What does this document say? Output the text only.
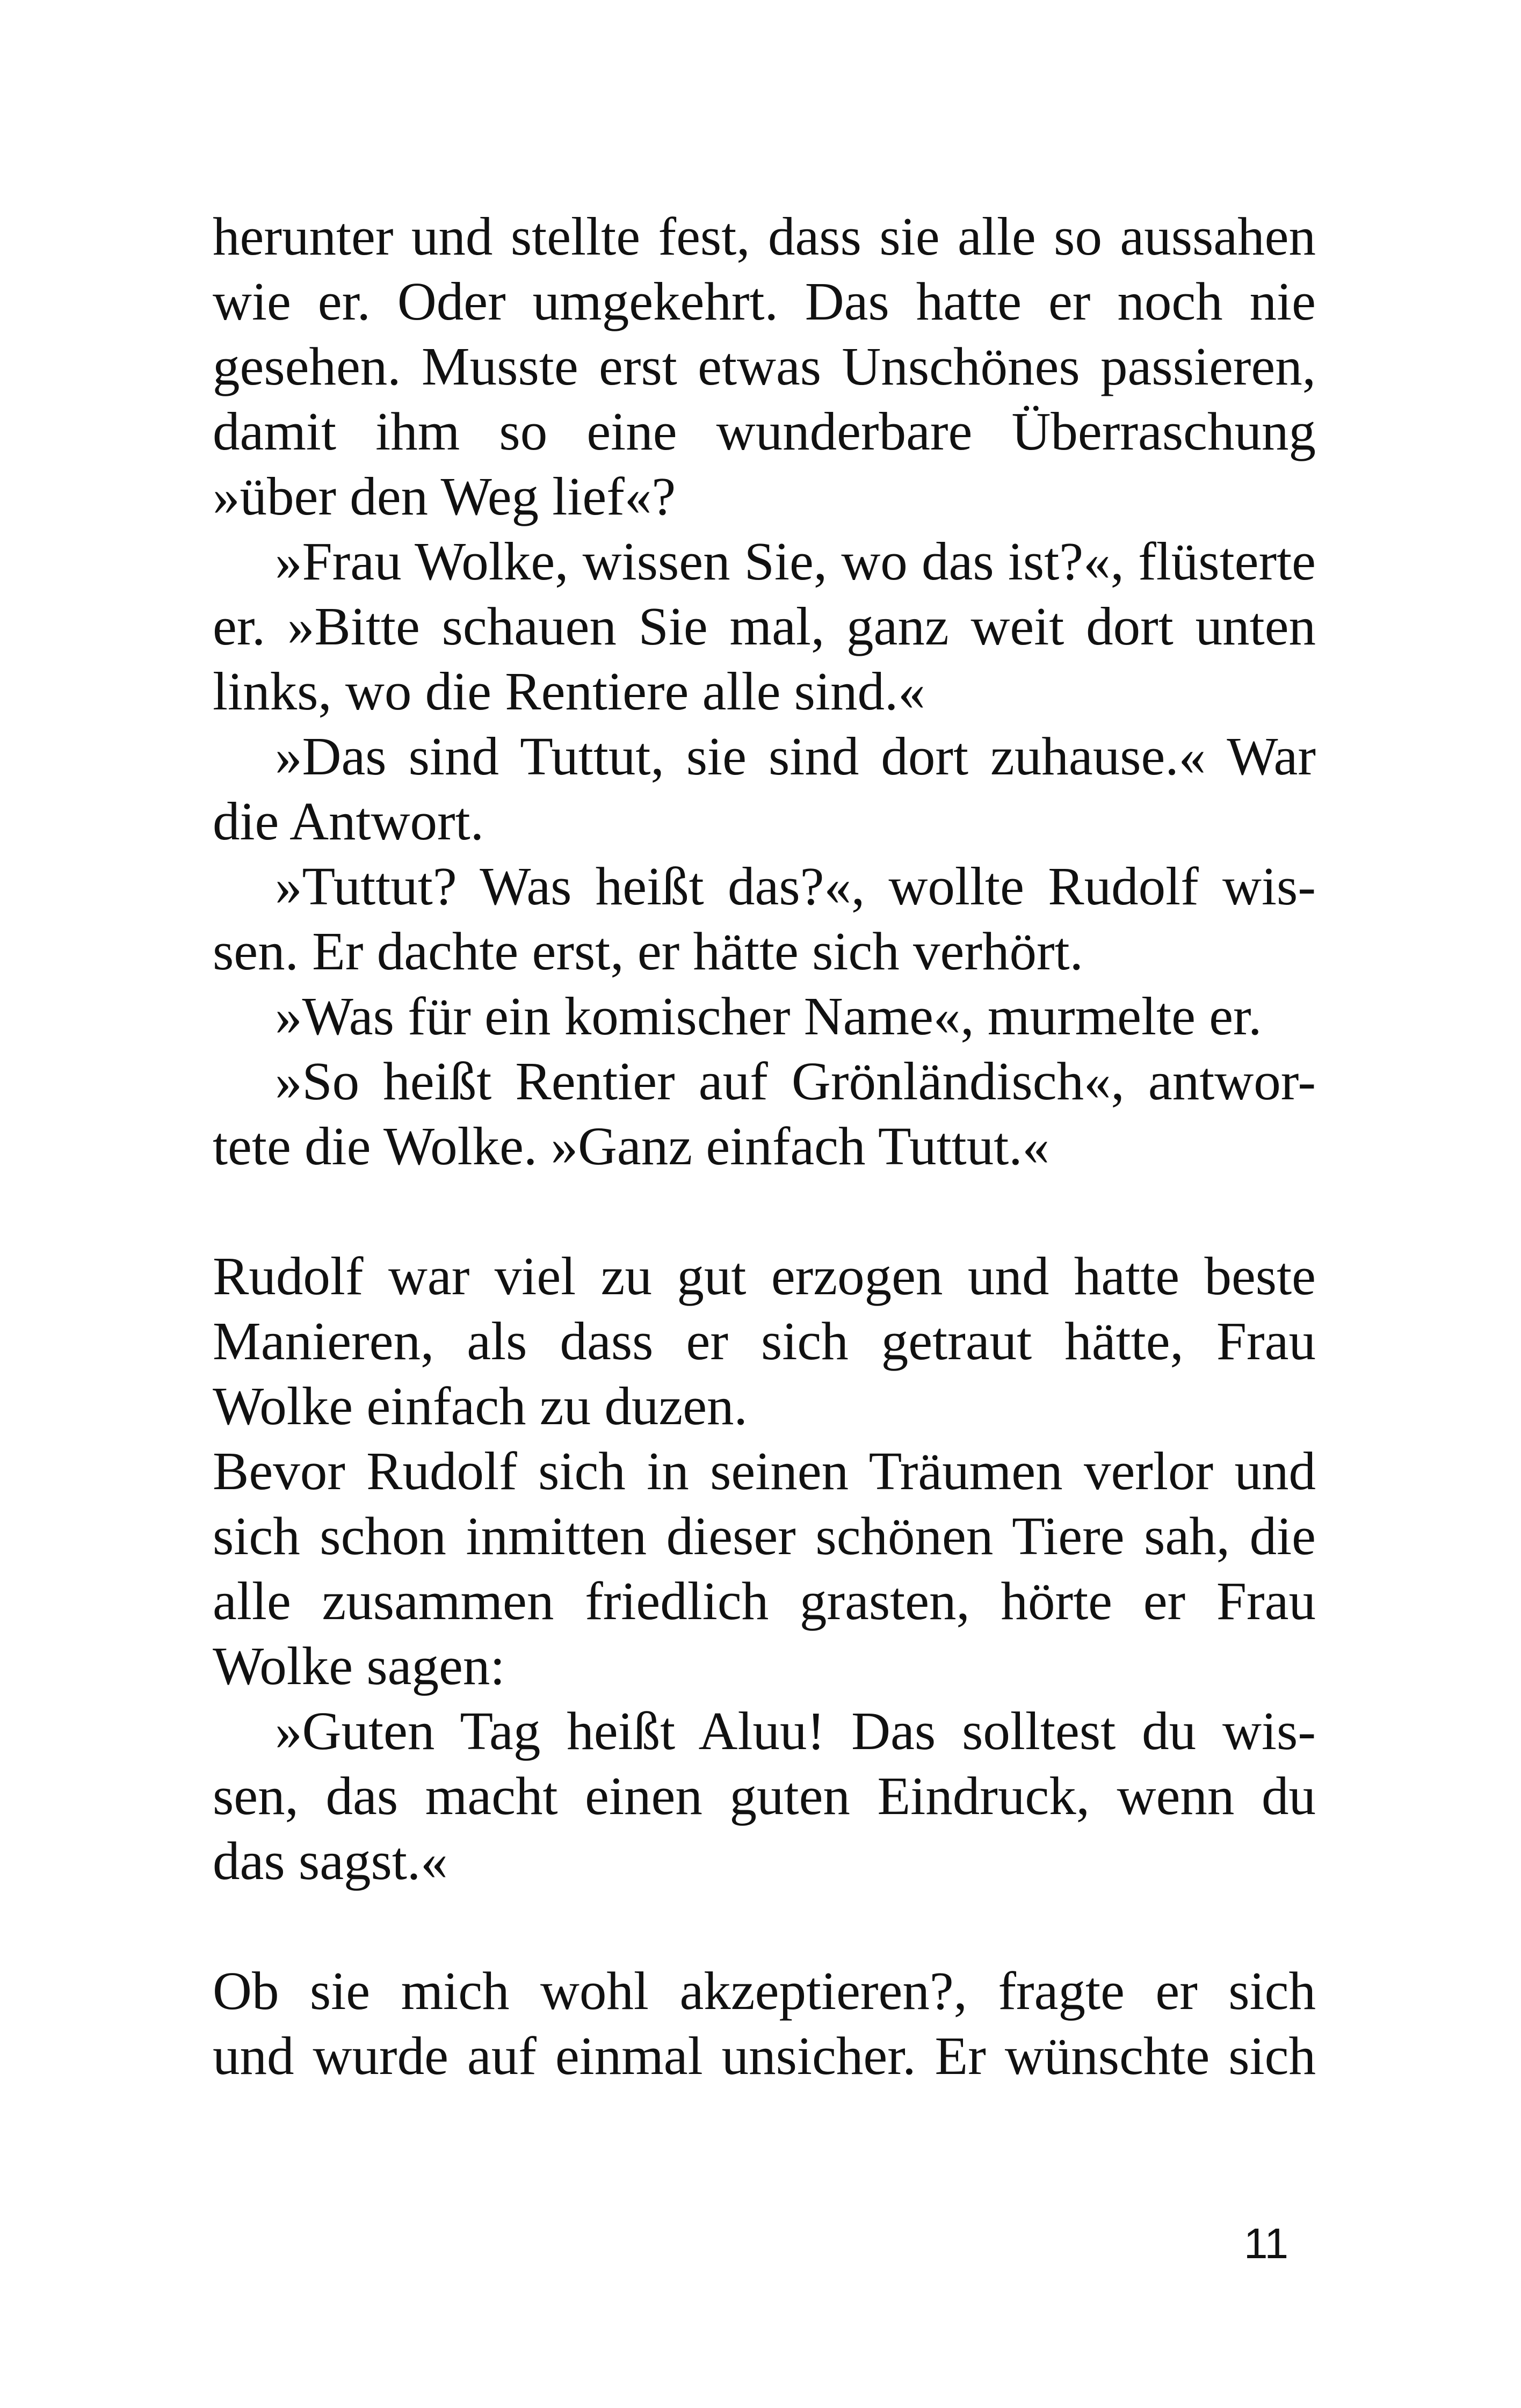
herunter und stellte fest, dass sie alle so aussahen
wie er. Oder umgekehrt. Das hatte er noch nie
gesehen. Musste erst etwas Unschönes passieren,
damit ihm so eine wunderbare Überraschung
»über den Weg lief«?
»Frau Wolke, wissen Sie, wo das ist?«, flüsterte
er. »Bitte schauen Sie mal, ganz weit dort unten
links, wo die Rentiere alle sind.«
»Das sind Tuttut, sie sind dort zuhause.« War
die Antwort.
»Tuttut? Was heißt das?«, wollte Rudolf wis-
sen. Er dachte erst, er hätte sich verhört.
»Was für ein komischer Name«, murmelte er.
»So heißt Rentier auf Grönländisch«, antwor-
tete die Wolke. »Ganz einfach Tuttut.«
Rudolf war viel zu gut erzogen und hatte beste
Manieren, als dass er sich getraut hätte, Frau
Wolke einfach zu duzen.
Bevor Rudolf sich in seinen Träumen verlor und
sich schon inmitten dieser schönen Tiere sah, die
alle zusammen friedlich grasten, hörte er Frau
Wolke sagen:
»Guten Tag heißt Aluu! Das solltest du wis-
sen, das macht einen guten Eindruck, wenn du
das sagst.«
Ob sie mich wohl akzeptieren?, fragte er sich
und wurde auf einmal unsicher. Er wünschte sich
11
